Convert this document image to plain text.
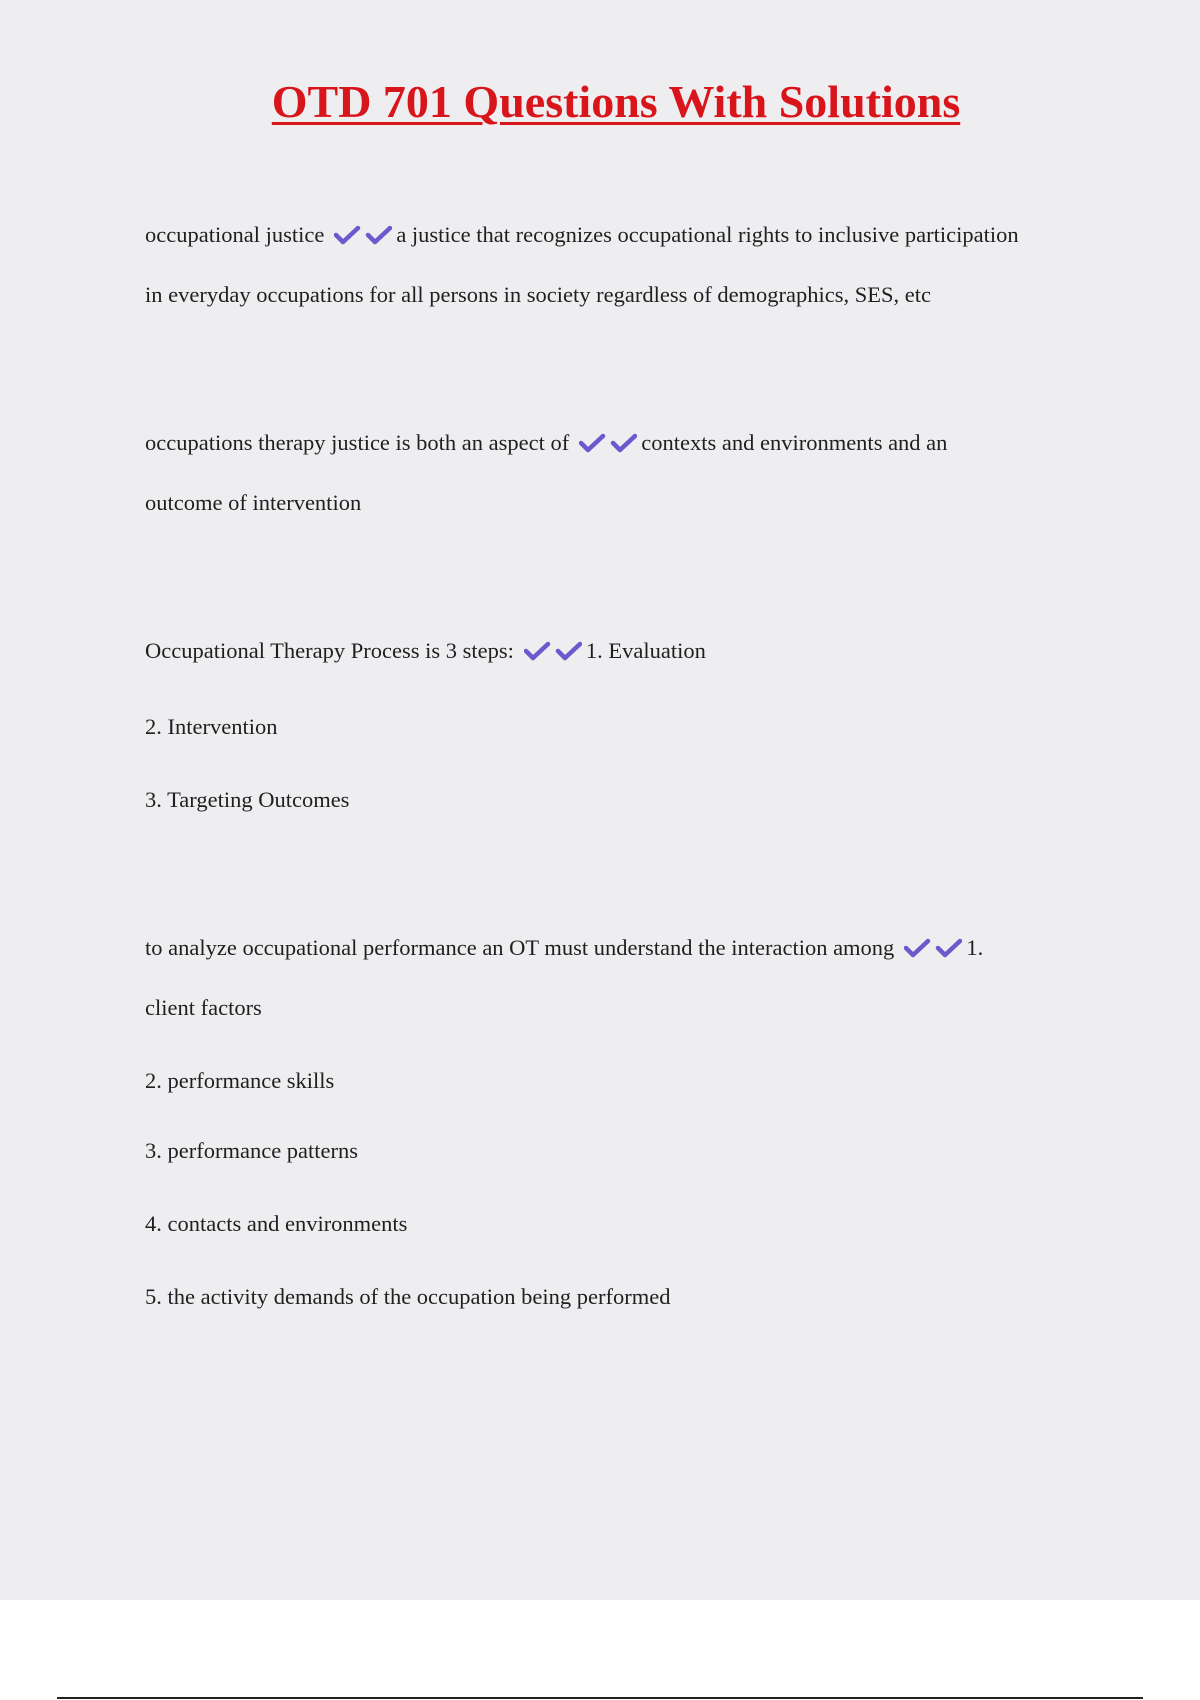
OTD 701 Questions With Solutions
occupational justice	a justice that recognizes occupational rights to inclusive participation
in everyday occupations for all persons in society regardless of demographics, SES, etc
occupations therapy justice is both an aspect of	contexts and environments and an
outcome of intervention
Occupational Therapy Process is 3 steps:	1. Evaluation
2. Intervention
3. Targeting Outcomes
to analyze occupational performance an OT must understand the interaction among	1.
client factors
2. performance skills
3. performance patterns
4. contacts and environments
5. the activity demands of the occupation being performed
